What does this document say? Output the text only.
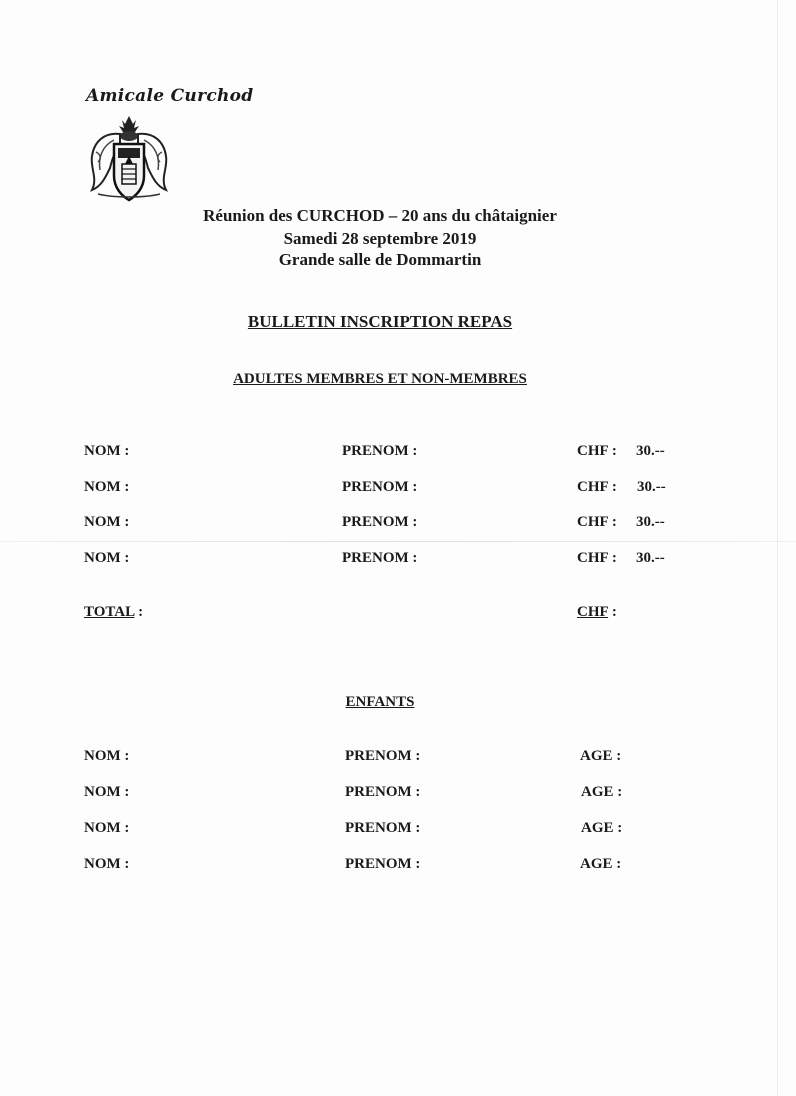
Amicale Curchod
Réunion des CURCHOD – 20 ans du châtaignier
Samedi 28 septembre 2019
Grande salle de Dommartin
BULLETIN INSCRIPTION REPAS
ADULTES MEMBRES ET NON-MEMBRES
NOM :	PRENOM :	CHF : 30.--
NOM :	PRENOM :	CHF : 30.--
NOM :	PRENOM :	CHF : 30.--
NOM :	PRENOM :	CHF : 30.--
TOTAL :	CHF :
ENFANTS
NOM :	PRENOM :	AGE :
NOM :	PRENOM :	AGE :
NOM :	PRENOM :	AGE :
NOM :	PRENOM :	AGE :
